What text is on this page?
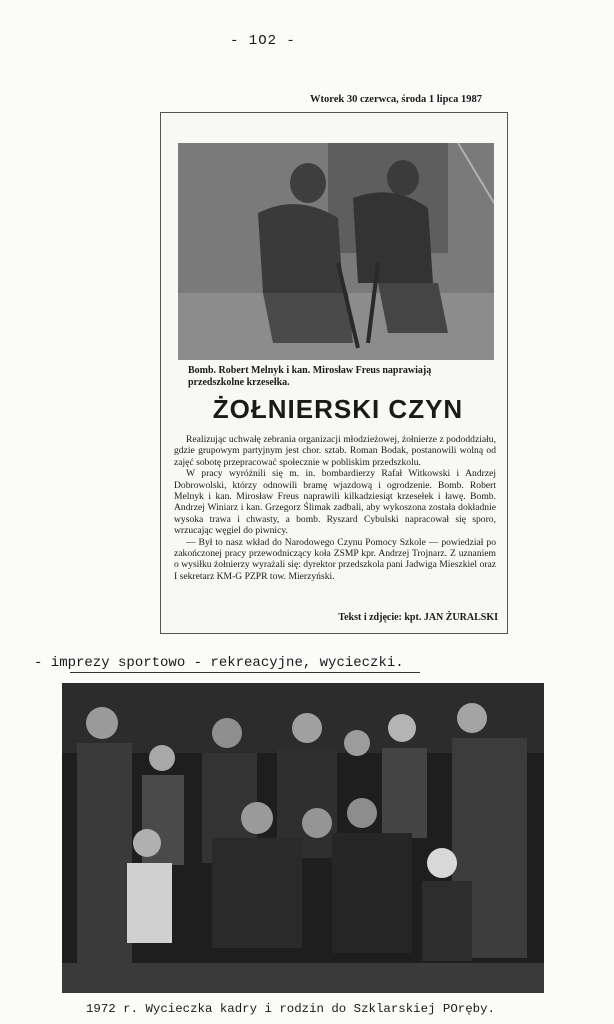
- 1O2 -
Wtorek 30 czerwca, środa 1 lipca 1987
Bomb. Robert Melnyk i kan. Mirosław Freus naprawiają przedszkolne krzesełka.
ŻOŁNIERSKI CZYN

Realizując uchwałę zebrania organizacji młodzieżowej, żołnierze z pododdziału, gdzie grupowym partyjnym jest chor. sztab. Roman Bodak, postanowili wolną od zajęć sobotę przepracować społecznie w pobliskim przedszkolu.

W pracy wyróżnili się m. in. bombardierzy Rafał Witkowski i Andrzej Dobrowolski, którzy odnowili bramę wjazdową i ogrodzenie. Bomb. Robert Melnyk i kan. Mirosław Freus naprawili kilkadziesiąt krzesełek i ławę. Bomb. Andrzej Winiarz i kan. Grzegorz Ślimak zadbali, aby wykoszona została dokładnie wysoka trawa i chwasty, a bomb. Ryszard Cybulski napracował się sporo, wrzucając węgiel do piwnicy.

— Był to nasz wkład do Narodowego Czynu Pomocy Szkole — powiedział po zakończonej pracy przewodniczący koła ZSMP kpr. Andrzej Trojnarz. Z uznaniem o wysiłku żołnierzy wyrażali się: dyrektor przedszkola pani Jadwiga Mieszkiel oraz I sekretarz KM-G PZPR tow. Mierzyński.

Tekst i zdjęcie: kpt. JAN ŻURALSKI
- imprezy sportowo - rekreacyjne, wycieczki.
1972 r. Wycieczka kadry i rodzin do Szklarskiej POręby.
